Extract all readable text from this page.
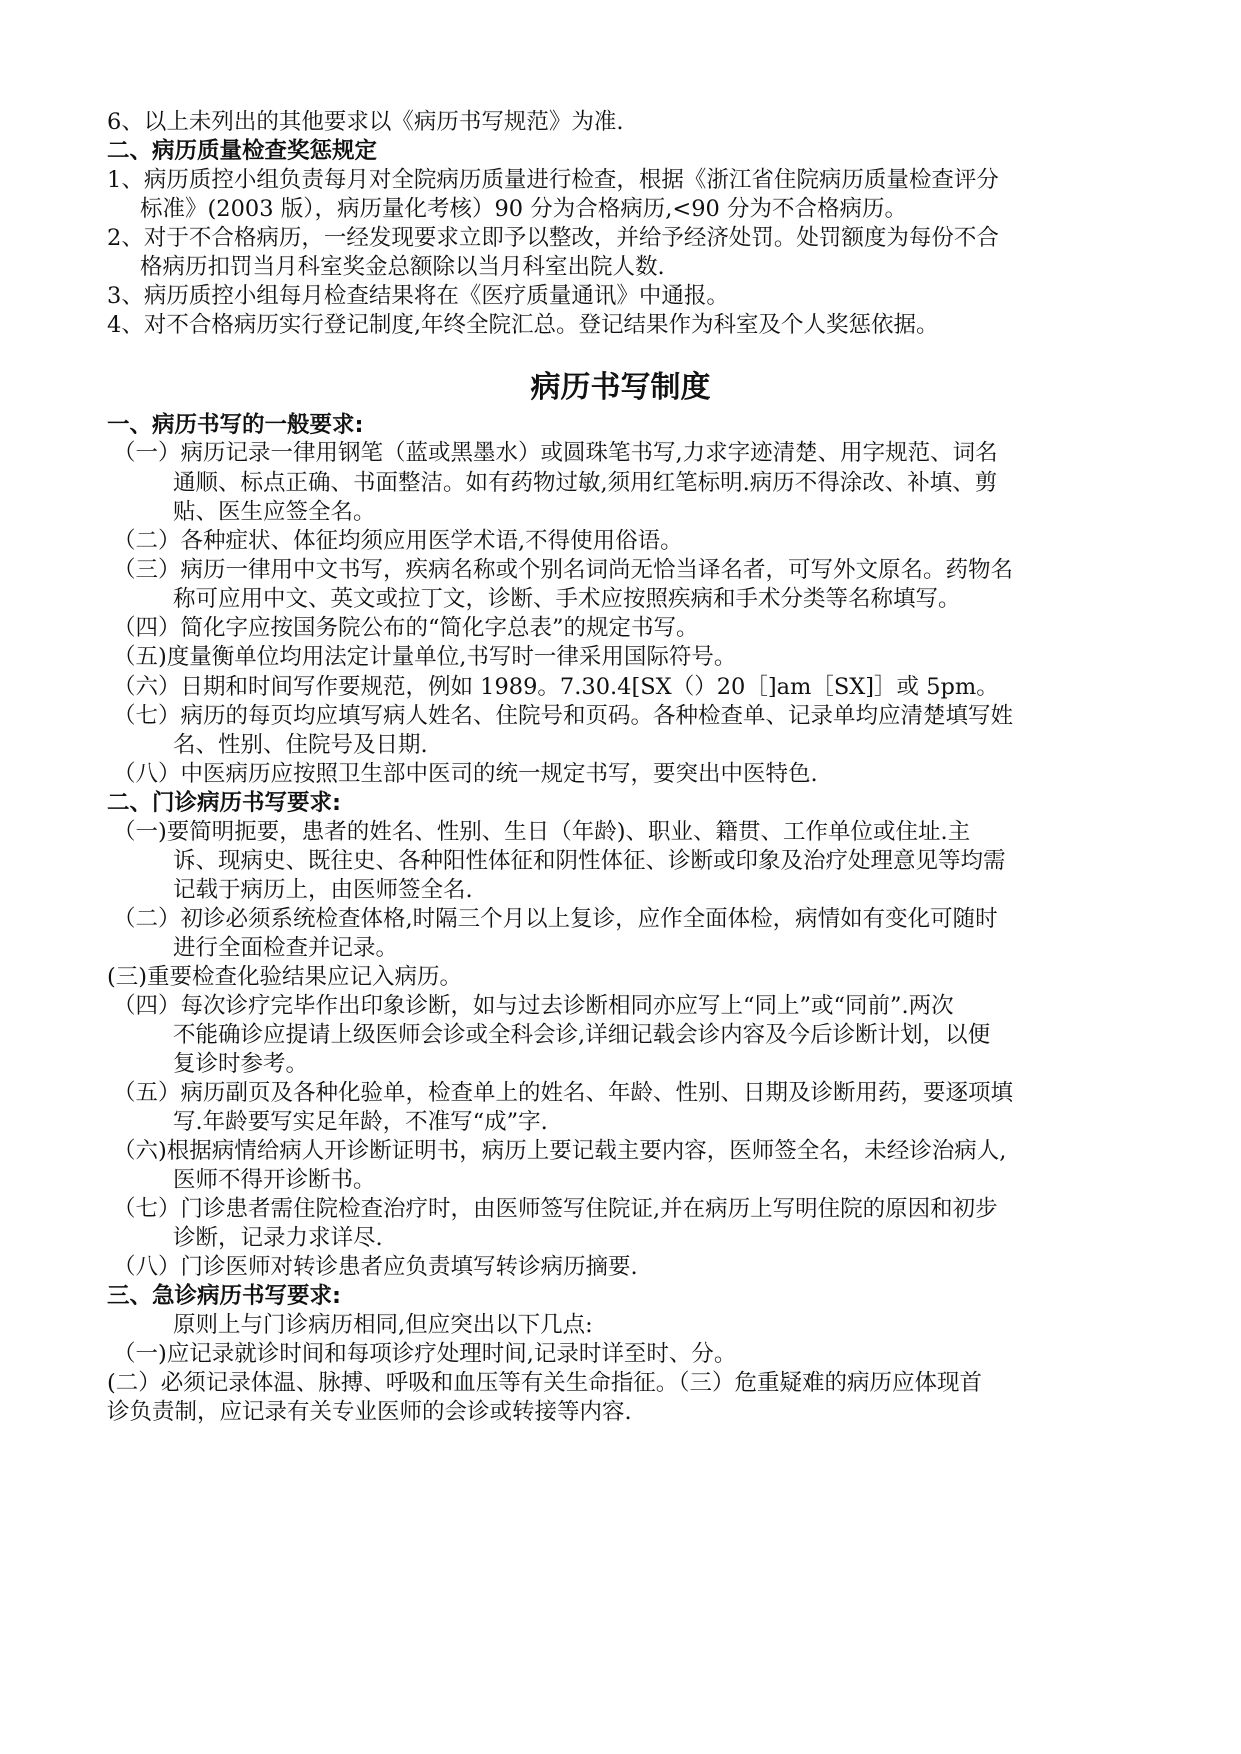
6、以上未列出的其他要求以《病历书写规范》为准.
二、病历质量检查奖惩规定
1、病历质控小组负责每月对全院病历质量进行检查，根据《浙江省住院病历质量检查评分
标准》(2003 版），病历量化考核）90 分为合格病历,<90 分为不合格病历。
2、对于不合格病历，一经发现要求立即予以整改，并给予经济处罚。处罚额度为每份不合
格病历扣罚当月科室奖金总额除以当月科室出院人数.
3、病历质控小组每月检查结果将在《医疗质量通讯》中通报。
4、对不合格病历实行登记制度,年终全院汇总。登记结果作为科室及个人奖惩依据。
病历书写制度
一、病历书写的一般要求:
（一）病历记录一律用钢笔（蓝或黑墨水）或圆珠笔书写,力求字迹清楚、用字规范、词名
通顺、标点正确、书面整洁。如有药物过敏,须用红笔标明.病历不得涂改、补填、剪
贴、医生应签全名。
（二）各种症状、体征均须应用医学术语,不得使用俗语。
（三）病历一律用中文书写，疾病名称或个别名词尚无恰当译名者，可写外文原名。药物名
称可应用中文、英文或拉丁文，诊断、手术应按照疾病和手术分类等名称填写。
（四）简化字应按国务院公布的“简化字总表”的规定书写。
（五)度量衡单位均用法定计量单位,书写时一律采用国际符号。
（六）日期和时间写作要规范，例如 1989。7.30.4[SX（）20［]am［SX]］或 5pm。
（七）病历的每页均应填写病人姓名、住院号和页码。各种检查单、记录单均应清楚填写姓
名、性别、住院号及日期.
（八）中医病历应按照卫生部中医司的统一规定书写，要突出中医特色.
二、门诊病历书写要求:
（一)要简明扼要，患者的姓名、性别、生日（年龄)、职业、籍贯、工作单位或住址.主
诉、现病史、既往史、各种阳性体征和阴性体征、诊断或印象及治疗处理意见等均需
记载于病历上，由医师签全名.
（二）初诊必须系统检查体格,时隔三个月以上复诊，应作全面体检，病情如有变化可随时
进行全面检查并记录。
(三)重要检查化验结果应记入病历。
（四）每次诊疗完毕作出印象诊断，如与过去诊断相同亦应写上“同上”或“同前”.两次
不能确诊应提请上级医师会诊或全科会诊,详细记载会诊内容及今后诊断计划，以便
复诊时参考。
（五）病历副页及各种化验单，检查单上的姓名、年龄、性别、日期及诊断用药，要逐项填
写.年龄要写实足年龄，不准写“成”字.
（六)根据病情给病人开诊断证明书，病历上要记载主要内容，医师签全名，未经诊治病人,
医师不得开诊断书。
（七）门诊患者需住院检查治疗时，由医师签写住院证,并在病历上写明住院的原因和初步
诊断，记录力求详尽.
（八）门诊医师对转诊患者应负责填写转诊病历摘要.
三、急诊病历书写要求:
原则上与门诊病历相同,但应突出以下几点:
（一)应记录就诊时间和每项诊疗处理时间,记录时详至时、分。
(二）必须记录体温、脉搏、呼吸和血压等有关生命指征。（三）危重疑难的病历应体现首
诊负责制，应记录有关专业医师的会诊或转接等内容.
